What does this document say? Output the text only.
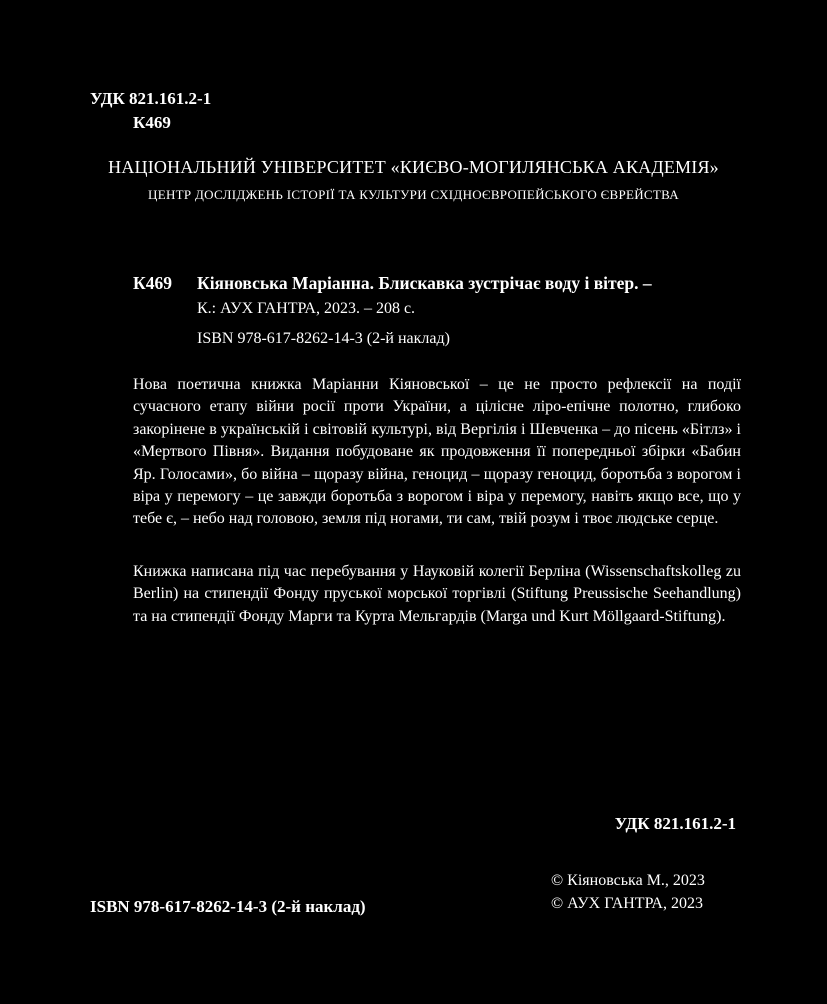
УДК 821.161.2-1
К469
НАЦІОНАЛЬНИЙ УНІВЕРСИТЕТ «КИЄВО-МОГИЛЯНСЬКА АКАДЕМІЯ»
ЦЕНТР ДОСЛІДЖЕНЬ ІСТОРІЇ ТА КУЛЬТУРИ СХІДНОЄВРОПЕЙСЬКОГО ЄВРЕЙСТВА
К469 Кіяновська Маріанна. Блискавка зустрічає воду і вітер. –
К.: АУХ ГАНТРА, 2023. – 208 с.
ISBN 978-617-8262-14-3 (2-й наклад)
Нова поетична книжка Маріанни Кіяновської – це не просто рефлексії на події сучасного етапу війни росії проти України, а цілісне ліро-епічне полотно, глибоко закорінене в українській і світовій культурі, від Вергілія і Шевченка – до пісень «Бітлз» і «Мертвого Півня». Видання побудоване як продовження її попередньої збірки «Бабин Яр. Голосами», бо війна – щоразу війна, геноцид – щоразу геноцид, боротьба з ворогом і віра у перемогу – це завжди боротьба з ворогом і віра у перемогу, навіть якщо все, що у тебе є, – небо над головою, земля під ногами, ти сам, твій розум і твоє людське серце.
Книжка написана під час перебування у Науковій колегії Берліна (Wissenschaftskolleg zu Berlin) на стипендії Фонду пруської морської торгівлі (Stiftung Preussische Seehandlung) та на стипендії Фонду Марги та Курта Мельгардів (Marga und Kurt Möllgaard-Stiftung).
УДК 821.161.2-1
© Кіяновська М., 2023
© АУХ ГАНТРА, 2023
ISBN 978-617-8262-14-3 (2-й наклад)
